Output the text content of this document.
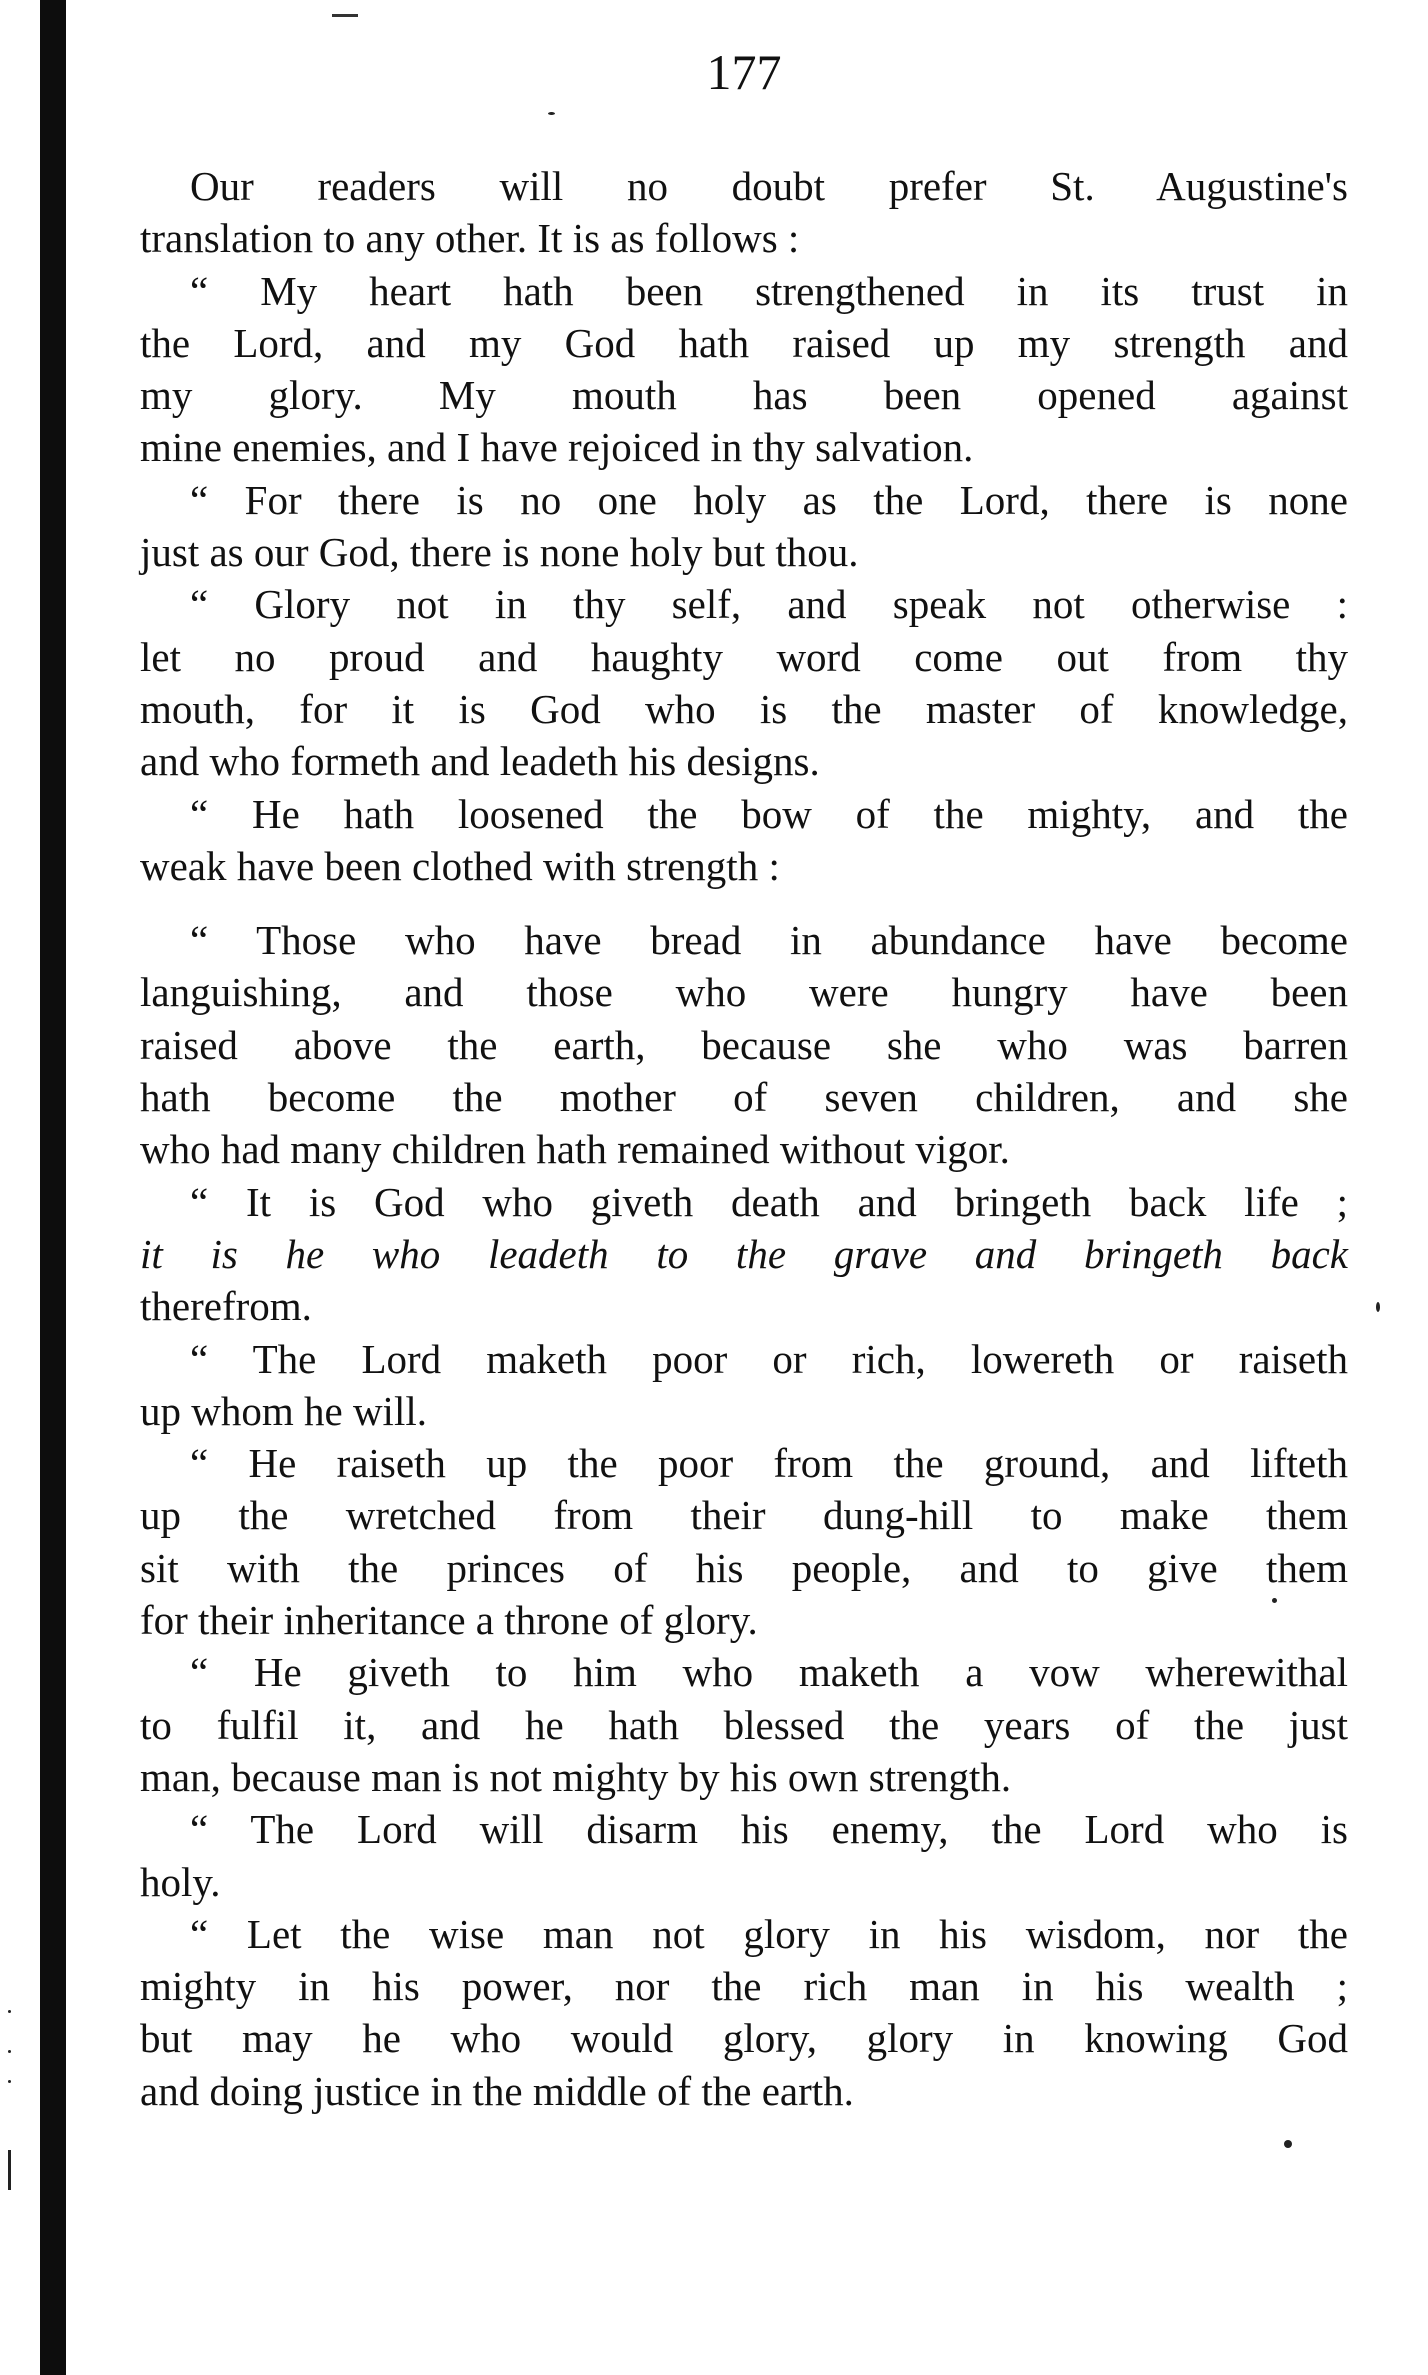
177
Our readers will no doubt prefer St. Augustine's
translation to any other. It is as follows :
“ My heart hath been strengthened in its trust in
the Lord, and my God hath raised up my strength and
my glory. My mouth has been opened against
mine enemies, and I have rejoiced in thy salvation.
“ For there is no one holy as the Lord, there is none
just as our God, there is none holy but thou.
“ Glory not in thy self, and speak not otherwise :
let no proud and haughty word come out from thy
mouth, for it is God who is the master of knowledge,
and who formeth and leadeth his designs.
“ He hath loosened the bow of the mighty, and the
weak have been clothed with strength :
“ Those who have bread in abundance have become
languishing, and those who were hungry have been
raised above the earth, because she who was barren
hath become the mother of seven children, and she
who had many children hath remained without vigor.
“ It is God who giveth death and bringeth back life ;
it is he who leadeth to the grave and bringeth back
therefrom.
“ The Lord maketh poor or rich, lowereth or raiseth
up whom he will.
“ He raiseth up the poor from the ground, and lifteth
up the wretched from their dung-hill to make them
sit with the princes of his people, and to give them
for their inheritance a throne of glory.
“ He giveth to him who maketh a vow wherewithal
to fulfil it, and he hath blessed the years of the just
man, because man is not mighty by his own strength.
“ The Lord will disarm his enemy, the Lord who is
holy.
“ Let the wise man not glory in his wisdom, nor the
mighty in his power, nor the rich man in his wealth ;
but may he who would glory, glory in knowing God
and doing justice in the middle of the earth.
